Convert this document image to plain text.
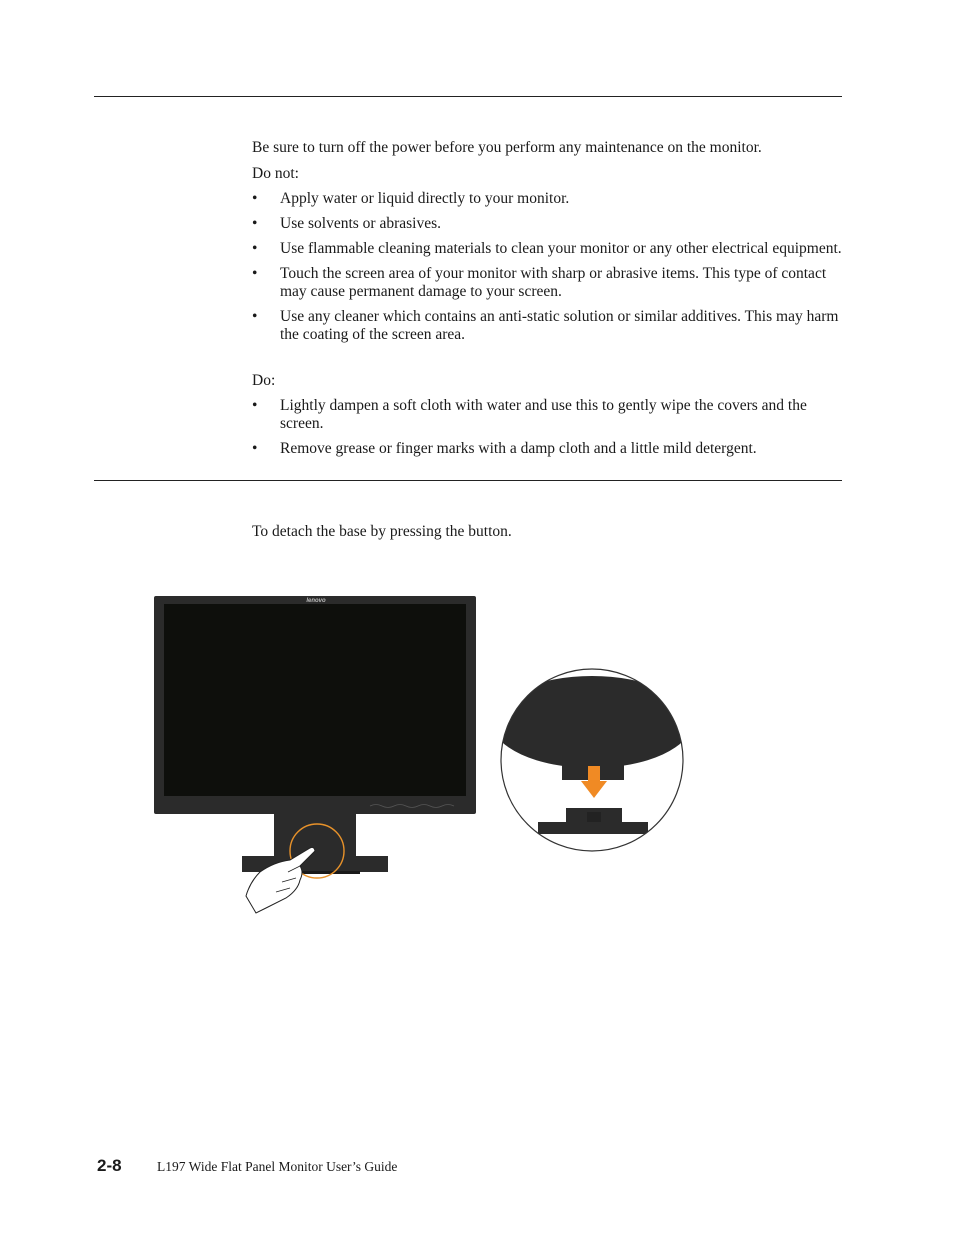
Be sure to turn off the power before you perform any maintenance on the monitor.
Do not:
• Apply water or liquid directly to your monitor.
• Use solvents or abrasives.
• Use flammable cleaning materials to clean your monitor or any other electrical equipment.
• Touch the screen area of your monitor with sharp or abrasive items. This type of contact may cause permanent damage to your screen.
• Use any cleaner which contains an anti-static solution or similar additives. This may harm the coating of the screen area.
Do:
• Lightly dampen a soft cloth with water and use this to gently wipe the covers and the screen.
• Remove grease or finger marks with a damp cloth and a little mild detergent.
To detach the base by pressing the button.
lenovo
2-8	L197 Wide Flat Panel Monitor User’s Guide
